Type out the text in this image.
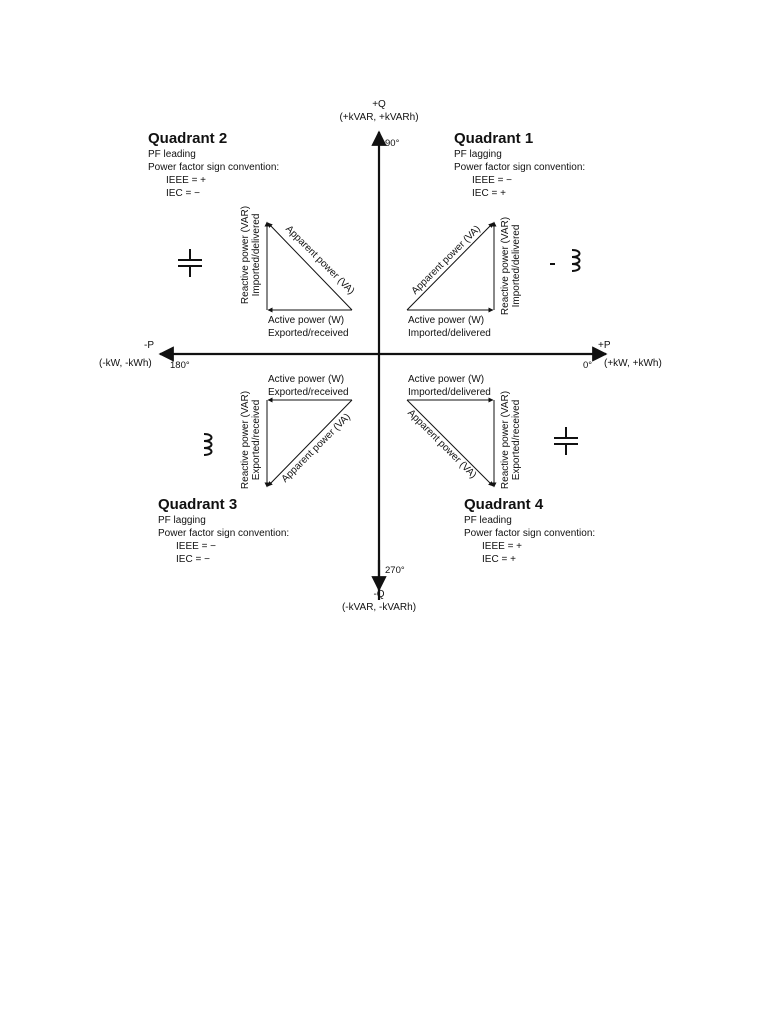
+Q
(+kVAR, +kVARh)
90°
270°
-Q
(-kVAR, -kVARh)
+P
(+kW, +kWh)
0°
-P
(-kW, -kWh) 180°
Quadrant 1
PF lagging
Power factor sign convention:
IEEE = −
IEC = +
Apparent power (VA) Reactive power (VAR) Imported/delivered
Active power (W)
Imported/delivered
Quadrant 2
PF leading
Power factor sign convention:
IEEE = +
IEC = −
Apparent power (VA)
Reactive power (VAR) Imported/delivered
Active power (W)
Exported/received
Active power (W)
Exported/received
Apparent power (VA)
Reactive power (VAR) Exported/received
Quadrant 3
PF lagging
Power factor sign convention:
IEEE = −
IEC = −
Active power (W)
Imported/delivered
Apparent power (VA) Reactive power (VAR) Exported/received
Quadrant 4
PF leading
Power factor sign convention:
IEEE = +
IEC = +
